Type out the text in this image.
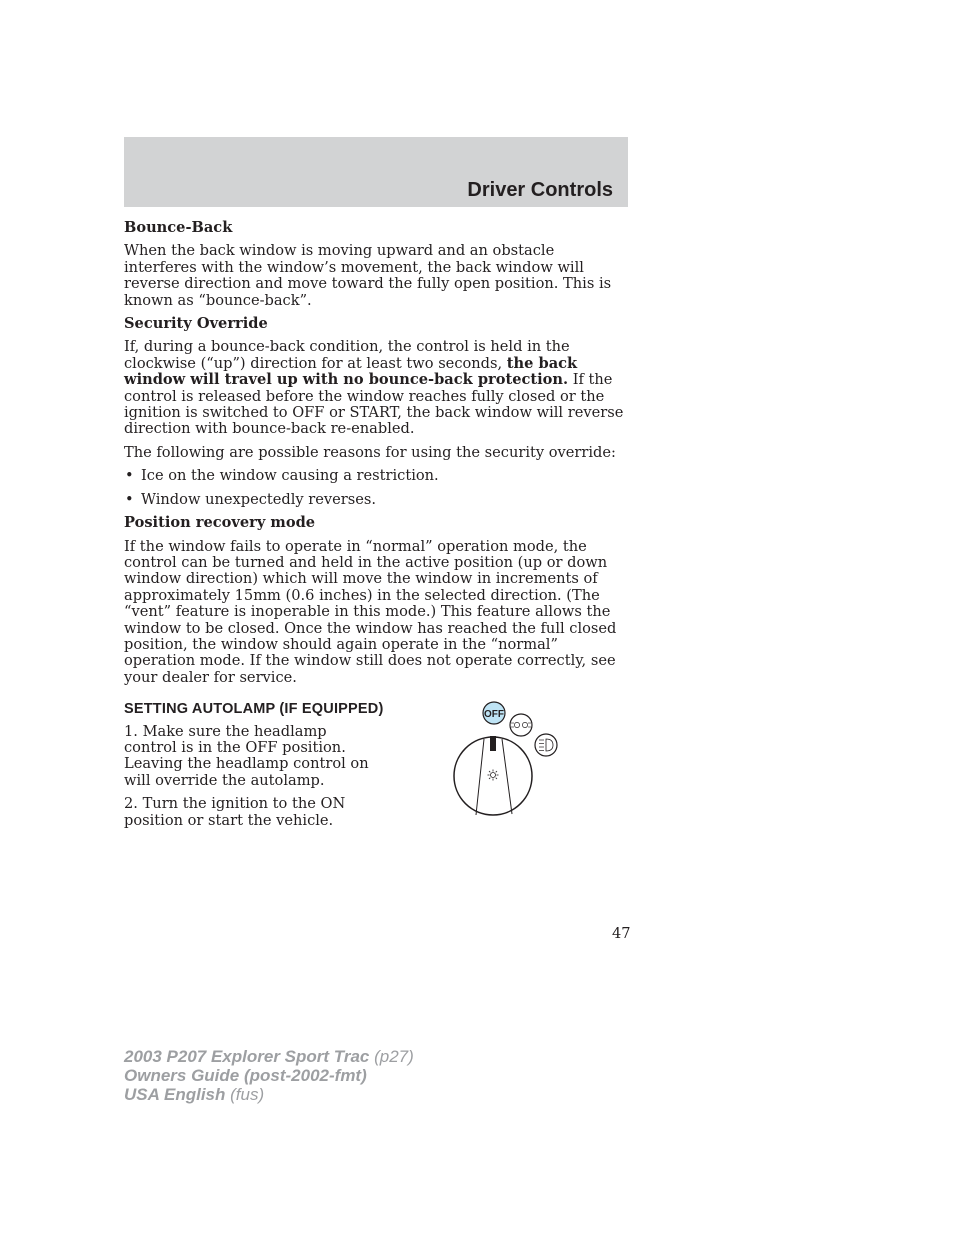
Driver Controls
Bounce-Back

When the back window is moving upward and an obstacle interferes with the window’s movement, the back window will reverse direction and move toward the fully open position. This is known as “bounce-back”.

Security Override

If, during a bounce-back condition, the control is held in the clockwise (“up”) direction for at least two seconds, the back window will travel up with no bounce-back protection. If the control is released before the window reaches fully closed or the ignition is switched to OFF or START, the back window will reverse direction with bounce-back re-enabled.

The following are possible reasons for using the security override:

• Ice on the window causing a restriction.
• Window unexpectedly reverses.
Position recovery mode

If the window fails to operate in “normal” operation mode, the control can be turned and held in the active position (up or down window direction) which will move the window in increments of approximately 15mm (0.6 inches) in the selected direction. (The “vent” feature is inoperable in this mode.) This feature allows the window to be closed. Once the window has reached the full closed position, the window should again operate in the “normal” operation mode. If the window still does not operate correctly, see your dealer for service.

SETTING AUTOLAMP (IF EQUIPPED)

1. Make sure the headlamp control is in the OFF position. Leaving the headlamp control on will override the autolamp.

2. Turn the ignition to the ON position or start the vehicle.

OFF
47
2003 P207 Explorer Sport Trac (p27)
Owners Guide (post-2002-fmt)
USA English (fus)
